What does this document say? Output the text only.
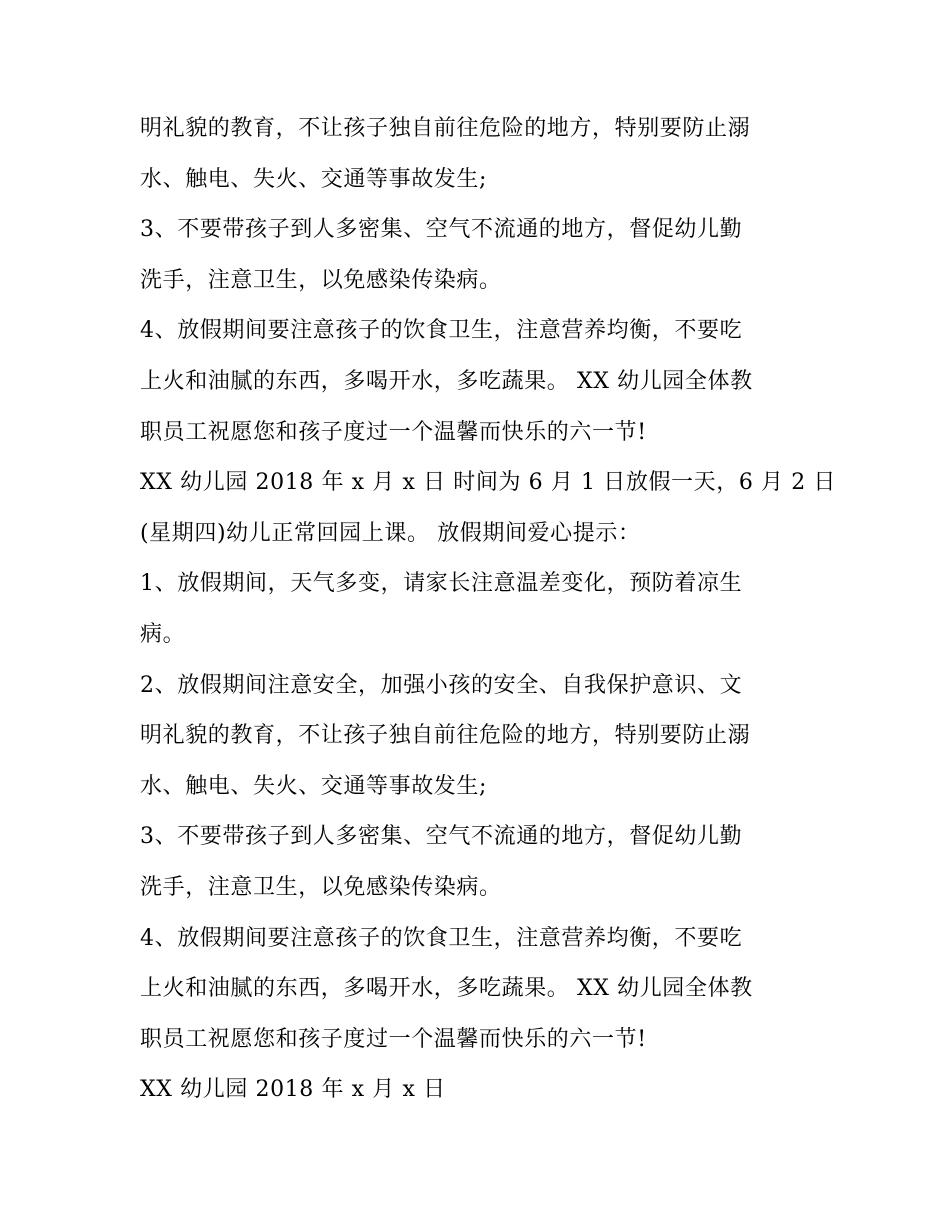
明礼貌的教育，不让孩子独自前往危险的地方，特别要防止溺
水、触电、失火、交通等事故发生;
3、不要带孩子到人多密集、空气不流通的地方，督促幼儿勤
洗手，注意卫生，以免感染传染病。
4、放假期间要注意孩子的饮食卫生，注意营养均衡，不要吃
上火和油腻的东西，多喝开水，多吃蔬果。 XX 幼儿园全体教
职员工祝愿您和孩子度过一个温馨而快乐的六一节!
XX 幼儿园 2018 年 x 月 x 日 时间为 6 月 1 日放假一天，6 月 2 日
(星期四)幼儿正常回园上课。 放假期间爱心提示：
1、放假期间，天气多变，请家长注意温差变化，预防着凉生
病。
2、放假期间注意安全，加强小孩的安全、自我保护意识、文
明礼貌的教育，不让孩子独自前往危险的地方，特别要防止溺
水、触电、失火、交通等事故发生;
3、不要带孩子到人多密集、空气不流通的地方，督促幼儿勤
洗手，注意卫生，以免感染传染病。
4、放假期间要注意孩子的饮食卫生，注意营养均衡，不要吃
上火和油腻的东西，多喝开水，多吃蔬果。 XX 幼儿园全体教
职员工祝愿您和孩子度过一个温馨而快乐的六一节!
XX 幼儿园 2018 年 x 月 x 日
